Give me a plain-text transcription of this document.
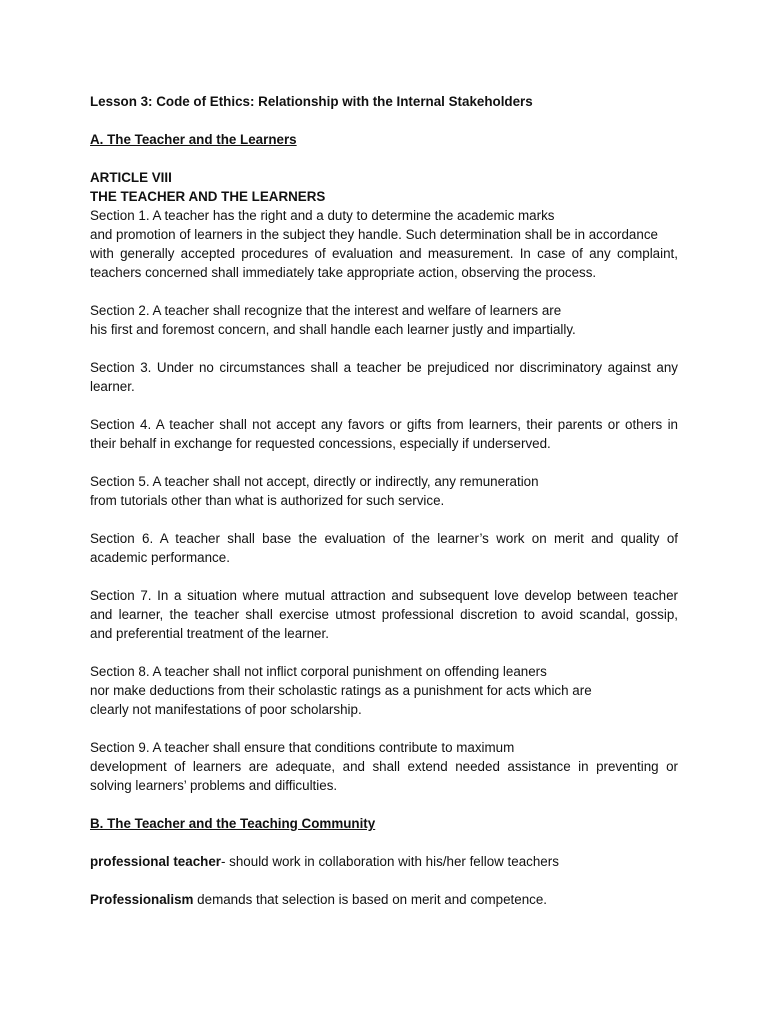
Lesson 3: Code of Ethics: Relationship with the Internal Stakeholders
A. The Teacher and the Learners
ARTICLE VIII
THE TEACHER AND THE LEARNERS
Section 1. A teacher has the right and a duty to determine the academic marks
and promotion of learners in the subject they handle. Such determination shall be in accordance
with generally accepted procedures of evaluation and measurement. In case of any complaint,
teachers concerned shall immediately take appropriate action, observing the process.
Section 2. A teacher shall recognize that the interest and welfare of learners are
his first and foremost concern, and shall handle each learner justly and impartially.
Section 3. Under no circumstances shall a teacher be prejudiced nor discriminatory against any
learner.
Section 4. A teacher shall not accept any favors or gifts from learners, their parents or others in
their behalf in exchange for requested concessions, especially if underserved.
Section 5. A teacher shall not accept, directly or indirectly, any remuneration
from tutorials other than what is authorized for such service.
Section 6. A teacher shall base the evaluation of the learner’s work on merit and quality of
academic performance.
Section 7. In a situation where mutual attraction and subsequent love develop between teacher
and learner, the teacher shall exercise utmost professional discretion to avoid scandal, gossip,
and preferential treatment of the learner.
Section 8. A teacher shall not inflict corporal punishment on offending leaners
nor make deductions from their scholastic ratings as a punishment for acts which are
clearly not manifestations of poor scholarship.
Section 9. A teacher shall ensure that conditions contribute to maximum
development of learners are adequate, and shall extend needed assistance in preventing or
solving learners’ problems and difficulties.
B. The Teacher and the Teaching Community
professional teacher- should work in collaboration with his/her fellow teachers
Professionalism demands that selection is based on merit and competence.
